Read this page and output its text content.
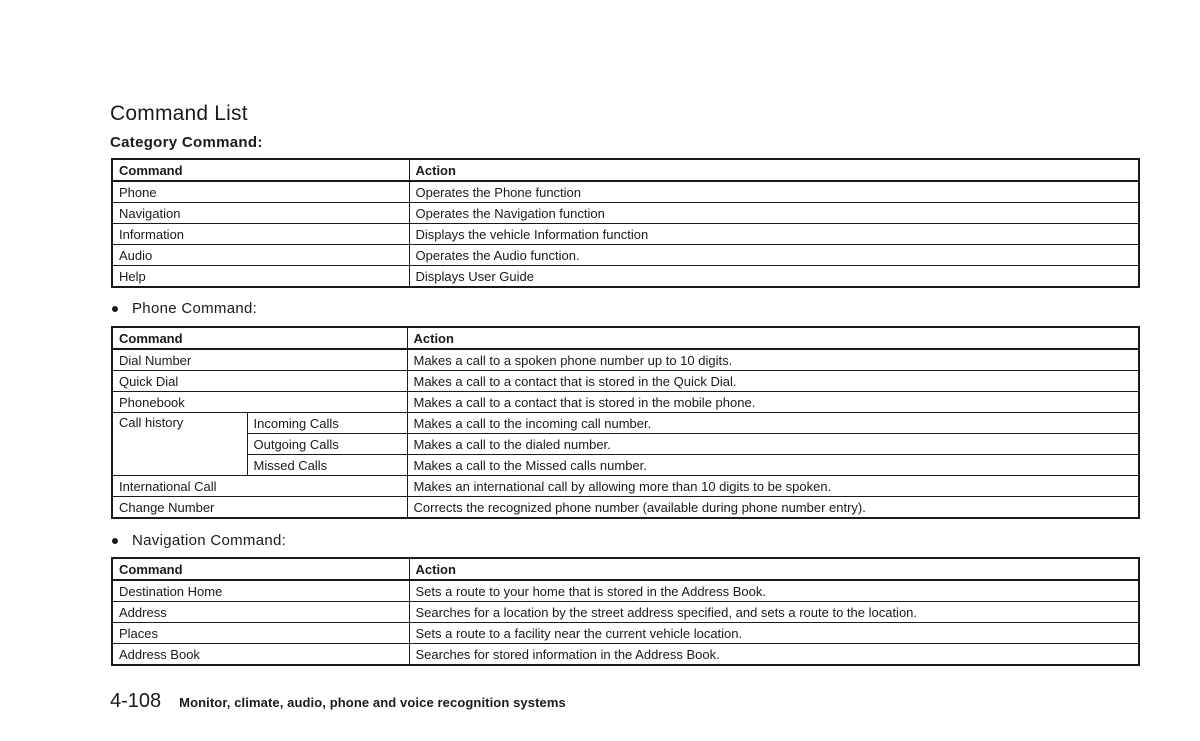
Command List
Category Command:
Command	Action
Phone	Operates the Phone function
Navigation	Operates the Navigation function
Information	Displays the vehicle Information function
Audio	Operates the Audio function.
Help	Displays User Guide
Phone Command:
Command		Action
Dial Number		Makes a call to a spoken phone number up to 10 digits.
Quick Dial		Makes a call to a contact that is stored in the Quick Dial.
Phonebook		Makes a call to a contact that is stored in the mobile phone.
Call history	Incoming Calls	Makes a call to the incoming call number.
	Outgoing Calls	Makes a call to the dialed number.
	Missed Calls	Makes a call to the Missed calls number.
International Call		Makes an international call by allowing more than 10 digits to be spoken.
Change Number		Corrects the recognized phone number (available during phone number entry).
Navigation Command:
Command	Action
Destination Home	Sets a route to your home that is stored in the Address Book.
Address	Searches for a location by the street address specified, and sets a route to the location.
Places	Sets a route to a facility near the current vehicle location.
Address Book	Searches for stored information in the Address Book.
4-108 Monitor, climate, audio, phone and voice recognition systems
